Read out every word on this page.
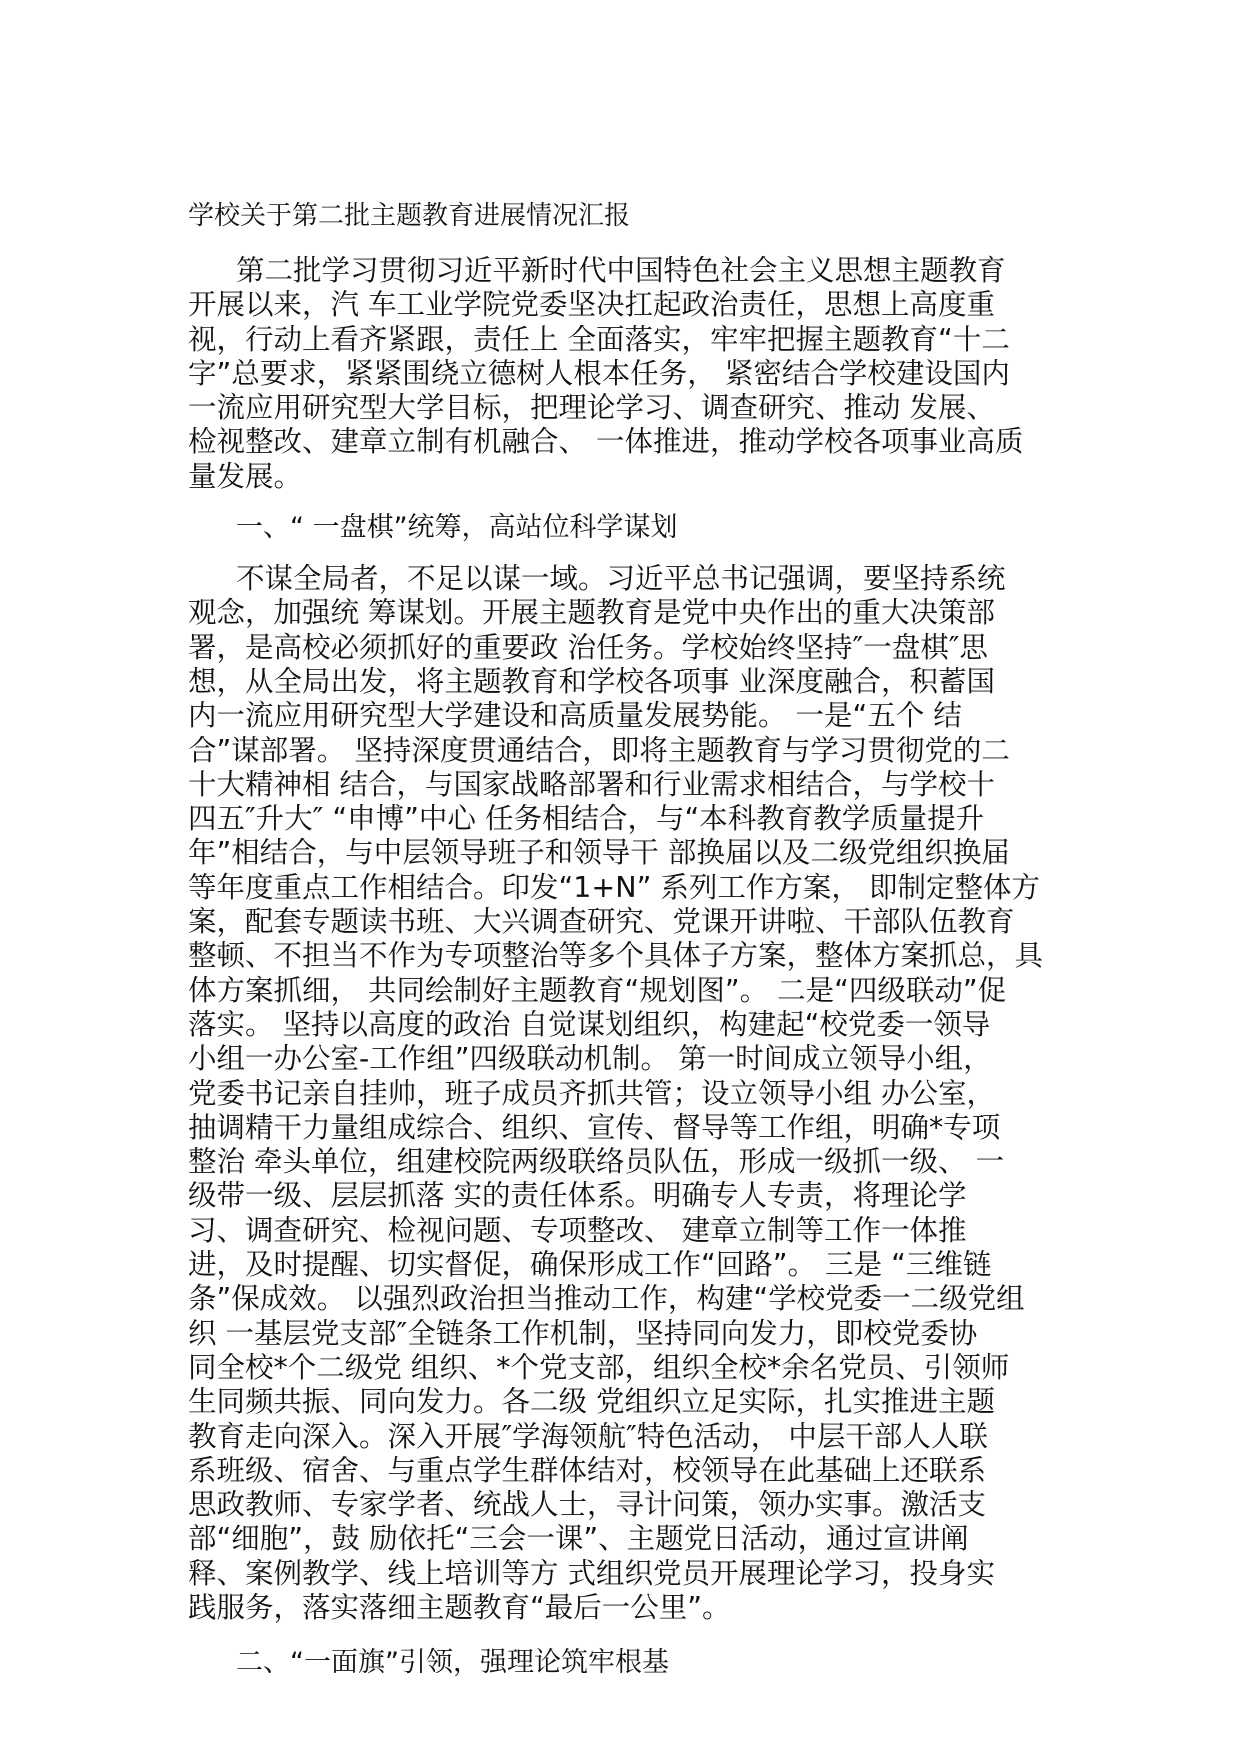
学校关于第二批主题教育进展情况汇报
第二批学习贯彻习近平新时代中国特色社会主义思想主题教育
开展以来，汽 车工业学院党委坚决扛起政治责任，思想上高度重
视，行动上看齐紧跟，责任上 全面落实，牢牢把握主题教育“十二
字”总要求，紧紧围绕立德树人根本任务， 紧密结合学校建设国内
一流应用研究型大学目标，把理论学习、调查研究、推动 发展、
检视整改、建章立制有机融合、 一体推进，推动学校各项事业高质
量发展。
一、“ 一盘棋”统筹，高站位科学谋划
不谋全局者，不足以谋一域。习近平总书记强调，要坚持系统
观念，加强统 筹谋划。开展主题教育是党中央作出的重大决策部
署，是高校必须抓好的重要政 治任务。学校始终坚持″一盘棋″思
想，从全局出发，将主题教育和学校各项事 业深度融合，积蓄国
内一流应用研究型大学建设和高质量发展势能。 一是“五个 结
合”谋部署。 坚持深度贯通结合，即将主题教育与学习贯彻党的二
十大精神相 结合，与国家战略部署和行业需求相结合，与学校十
四五″升大″ “申博”中心 任务相结合，与“本科教育教学质量提升
年”相结合，与中层领导班子和领导干 部换届以及二级党组织换届
等年度重点工作相结合。印发“1+N” 系列工作方案， 即制定整体方
案，配套专题读书班、大兴调查研究、党课开讲啦、干部队伍教育
整顿、不担当不作为专项整治等多个具体子方案，整体方案抓总，具
体方案抓细， 共同绘制好主题教育“规划图”。 二是“四级联动”促
落实。 坚持以高度的政治 自觉谋划组织，构建起“校党委一领导
小组一办公室-工作组”四级联动机制。 第一时间成立领导小组，
党委书记亲自挂帅，班子成员齐抓共管；设立领导小组 办公室，
抽调精干力量组成综合、组织、宣传、督导等工作组，明确*专项
整治 牵头单位，组建校院两级联络员队伍，形成一级抓一级、 一
级带一级、层层抓落 实的责任体系。明确专人专责，将理论学
习、调查研究、检视问题、专项整改、 建章立制等工作一体推
进，及时提醒、切实督促，确保形成工作“回路”。 三是 “三维链
条”保成效。 以强烈政治担当推动工作，构建“学校党委一二级党组
织 一基层党支部″全链条工作机制，坚持同向发力，即校党委协
同全校*个二级党 组织、*个党支部，组织全校*余名党员、引领师
生同频共振、同向发力。各二级 党组织立足实际，扎实推进主题
教育走向深入。深入开展″学海领航″特色活动， 中层干部人人联
系班级、宿舍、与重点学生群体结对，校领导在此基础上还联系
思政教师、专家学者、统战人士，寻计问策，领办实事。激活支
部“细胞”，鼓 励依托“三会一课”、主题党日活动，通过宣讲阐
释、案例教学、线上培训等方 式组织党员开展理论学习，投身实
践服务，落实落细主题教育“最后一公里”。
二、“一面旗”引领，强理论筑牢根基
